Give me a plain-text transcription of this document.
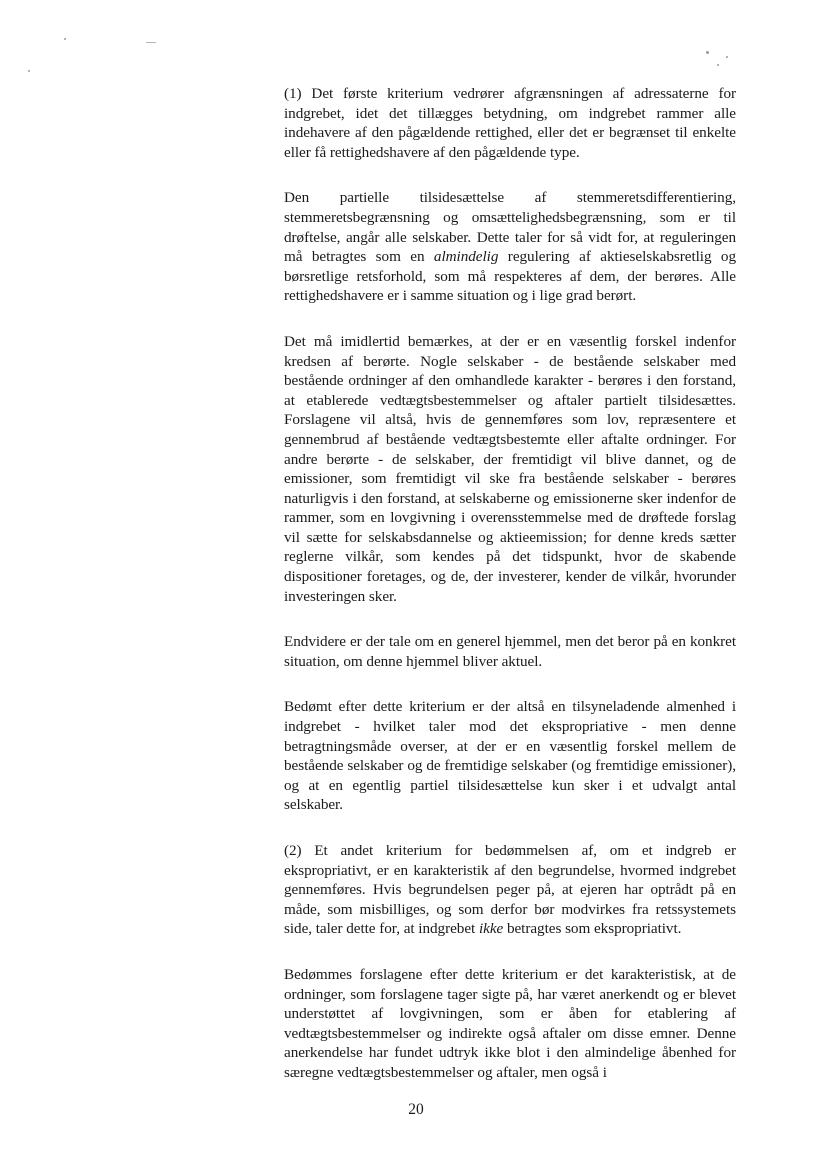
(1) Det første kriterium vedrører afgrænsningen af adressaterne for indgrebet, idet det tillægges betydning, om indgrebet rammer alle indehavere af den pågældende rettighed, eller det er begrænset til enkelte eller få rettighedshavere af den pågældende type.

Den partielle tilsidesættelse af stemmeretsdifferentiering, stemmeretsbegrænsning og omsættelighedsbegrænsning, som er til drøftelse, angår alle selskaber. Dette taler for så vidt for, at reguleringen må betragtes som en almindelig regulering af aktieselskabsretlig og børsretlige retsforhold, som må respekteres af dem, der berøres. Alle rettighedshavere er i samme situation og i lige grad berørt.

Det må imidlertid bemærkes, at der er en væsentlig forskel indenfor kredsen af berørte. Nogle selskaber - de bestående selskaber med bestående ordninger af den omhandlede karakter - berøres i den forstand, at etablerede vedtægtsbestemmelser og aftaler partielt tilsidesættes. Forslagene vil altså, hvis de gennemføres som lov, repræsentere et gennembrud af bestående vedtægtsbestemte eller aftalte ordninger. For andre berørte - de selskaber, der fremtidigt vil blive dannet, og de emissioner, som fremtidigt vil ske fra bestående selskaber - berøres naturligvis i den forstand, at selskaberne og emissionerne sker indenfor de rammer, som en lovgivning i overensstemmelse med de drøftede forslag vil sætte for selskabsdannelse og aktieemission; for denne kreds sætter reglerne vilkår, som kendes på det tidspunkt, hvor de skabende dispositioner foretages, og de, der investerer, kender de vilkår, hvorunder investeringen sker.

Endvidere er der tale om en generel hjemmel, men det beror på en konkret situation, om denne hjemmel bliver aktuel.

Bedømt efter dette kriterium er der altså en tilsyneladende almenhed i indgrebet - hvilket taler mod det ekspropriative - men denne betragtningsmåde overser, at der er en væsentlig forskel mellem de bestående selskaber og de fremtidige selskaber (og fremtidige emissioner), og at en egentlig partiel tilsidesættelse kun sker i et udvalgt antal selskaber.

(2) Et andet kriterium for bedømmelsen af, om et indgreb er ekspropriativt, er en karakteristik af den begrundelse, hvormed indgrebet gennemføres. Hvis begrundelsen peger på, at ejeren har optrådt på en måde, som misbilliges, og som derfor bør modvirkes fra retssystemets side, taler dette for, at indgrebet ikke betragtes som ekspropriativt.

Bedømmes forslagene efter dette kriterium er det karakteristisk, at de ordninger, som forslagene tager sigte på, har været anerkendt og er blevet understøttet af lovgivningen, som er åben for etablering af vedtægtsbestemmelser og indirekte også aftaler om disse emner. Denne anerkendelse har fundet udtryk ikke blot i den almindelige åbenhed for særegne vedtægtsbestemmelser og aftaler, men også i

20
